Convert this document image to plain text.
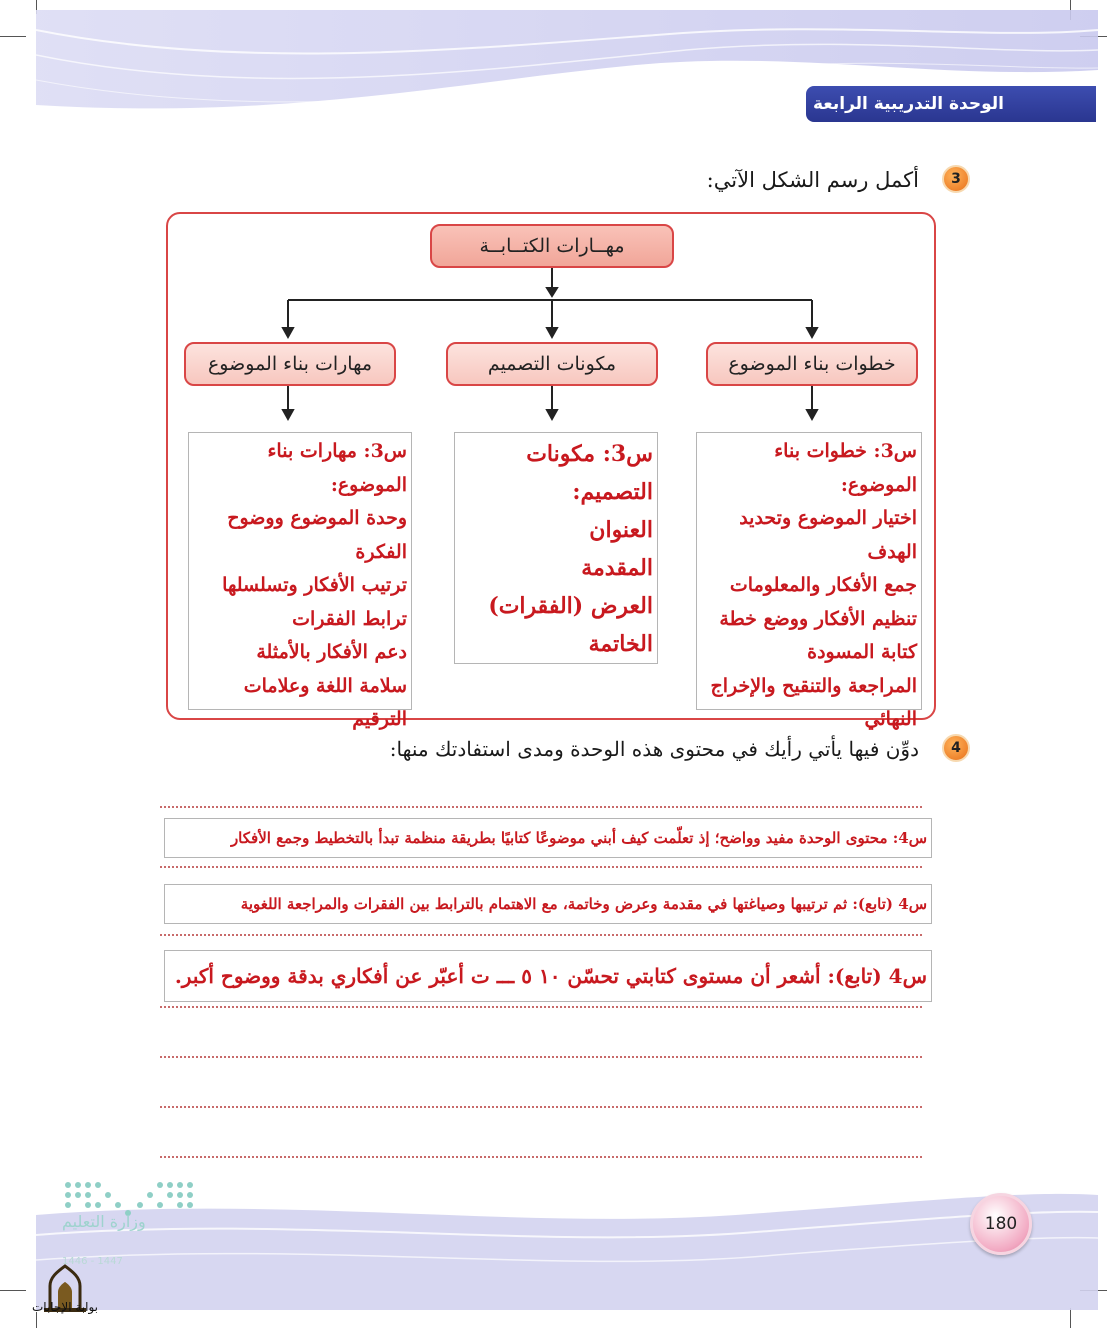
الوحدة التدريبية الرابعة
3
أكمل رسم الشكل الآتي:
مهــارات الكتــابــة
خطوات بناء الموضوع
مكونات التصميم
مهارات بناء الموضوع
س3: خطوات بناء الموضوع:
اختيار الموضوع وتحديد
الهدف
جمع الأفكار والمعلومات
تنظيم الأفكار ووضع خطة
كتابة المسودة
المراجعة والتنقيح والإخراج
النهائي
س3: مكونات
التصميم:
العنوان
المقدمة
العرض (الفقرات)
الخاتمة
س3: مهارات بناء الموضوع:
وحدة الموضوع ووضوح
الفكرة
ترتيب الأفكار وتسلسلها
ترابط الفقرات
دعم الأفكار بالأمثلة
سلامة اللغة وعلامات
الترقيم
4
دوِّن فيها يأتي رأيك في محتوى هذه الوحدة ومدى استفادتك منها:
س4: محتوى الوحدة مفيد وواضح؛ إذ تعلّمت كيف أبني موضوعًا كتابيًا بطريقة منظمة تبدأ بالتخطيط وجمع الأفكار
س4 (تابع): ثم ترتيبها وصياغتها في مقدمة وعرض وخاتمة، مع الاهتمام بالترابط بين الفقرات والمراجعة اللغوية
س4 (تابع): أشعر أن مستوى كتابتي تحسّن ١٠ ٥ ـــ ت أعبّر عن أفكاري بدقة ووضوح أكبر.
وزارة التعليم
1446 - 1447
بوابة الإجابات
180
